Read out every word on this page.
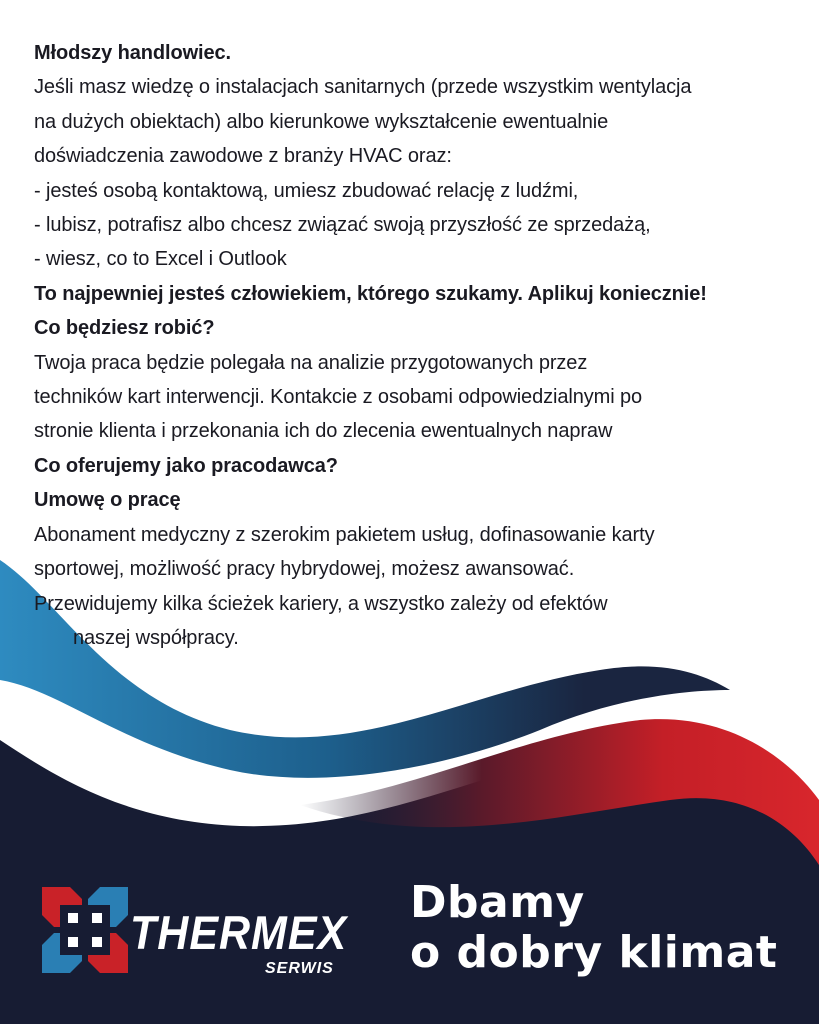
Młodszy handlowiec.
Jeśli masz wiedzę o instalacjach sanitarnych (przede wszystkim wentylacja
na dużych obiektach) albo kierunkowe wykształcenie ewentualnie
doświadczenia zawodowe z branży HVAC oraz:
- jesteś osobą kontaktową, umiesz zbudować relację z ludźmi,
- lubisz, potrafisz albo chcesz związać swoją przyszłość ze sprzedażą,
- wiesz, co to Excel i Outlook
To najpewniej jesteś człowiekiem, którego szukamy. Aplikuj koniecznie!
Co będziesz robić?
Twoja praca będzie polegała na analizie przygotowanych przez
techników kart interwencji. Kontakcie z osobami odpowiedzialnymi po
stronie klienta i przekonania ich do zlecenia ewentualnych napraw
Co oferujemy jako pracodawca?
Umowę o pracę
Abonament medyczny z szerokim pakietem usług, dofinasowanie karty
sportowej, możliwość pracy hybrydowej, możesz awansować.
Przewidujemy kilka ścieżek kariery, a wszystko zależy od efektów
naszej współpracy.
THERMEX
SERWIS
Dbamy
o dobry klimat
